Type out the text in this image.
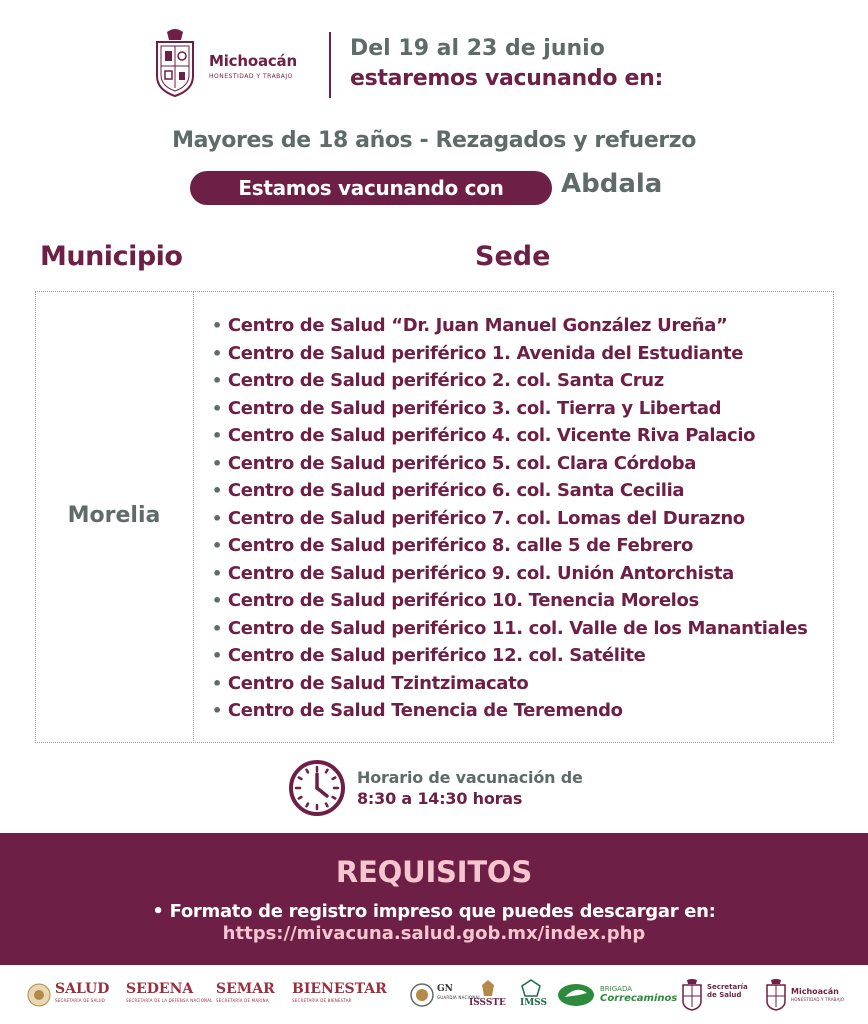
Michoacán
HONESTIDAD Y TRABAJO
Del 19 al 23 de junio
estaremos vacunando en:
Mayores de 18 años - Rezagados y refuerzo
Estamos vacunando con	Abdala
Municipio	Sede
Morelia
• Centro de Salud “Dr. Juan Manuel González Ureña”
• Centro de Salud periférico 1. Avenida del Estudiante
• Centro de Salud periférico 2. col. Santa Cruz
• Centro de Salud periférico 3. col. Tierra y Libertad
• Centro de Salud periférico 4. col. Vicente Riva Palacio
• Centro de Salud periférico 5. col. Clara Córdoba
• Centro de Salud periférico 6. col. Santa Cecilia
• Centro de Salud periférico 7. col. Lomas del Durazno
• Centro de Salud periférico 8. calle 5 de Febrero
• Centro de Salud periférico 9. col. Unión Antorchista
• Centro de Salud periférico 10. Tenencia Morelos
• Centro de Salud periférico 11. col. Valle de los Manantiales
• Centro de Salud periférico 12. col. Satélite
• Centro de Salud Tzintzimacato
• Centro de Salud Tenencia de Teremendo
Horario de vacunación de
8:30 a 14:30 horas
REQUISITOS
• Formato de registro impreso que puedes descargar en:
https://mivacuna.salud.gob.mx/index.php
SALUD
SECRETARÍA DE SALUD
SEDENA
SECRETARÍA DE LA DEFENSA NACIONAL
SEMAR
SECRETARÍA DE MARINA
BIENESTAR
SECRETARÍA DE BIENESTAR
GN
GUARDIA NACIONAL
ISSSTE IMSS
BRIGADA
Correcaminos
Secretaría de Salud	Michoacán
HONESTIDAD Y TRABAJO
